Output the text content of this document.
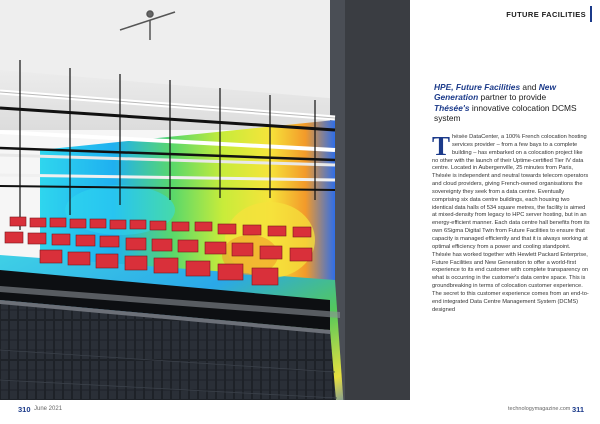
310 June 2021
FUTURE FACILITIES
HPE, Future Facilities and New Generation partner to provide Thésée's innovative colocation DCMS system
Thésée DataCenter, a 100% French colocation hosting services provider – from a few bays to a complete building – has embarked on a colocation project like no other with the launch of their Uptime-certified Tier IV data centre. Located in Aubergenville, 25 minutes from Paris, Thésée is independent and neutral towards telecom operators and cloud providers, giving French-owned organisations the sovereignty they seek from a data centre. Eventually comprising six data centre buildings, each housing two identical data halls of 534 square metres, the facility is aimed at mixed-density from legacy to HPC server hosting, but in an energy-efficient manner. Each data centre hall benefits from its own 6Sigma Digital Twin from Future Facilities to ensure that capacity is managed efficiently and that it is always working at optimal efficiency from a power and cooling standpoint. Thésée has worked together with Hewlett Packard Enterprise, Future Facilities and New Generation to offer a world-first experience to its end customer with complete transparency on what is occurring in the customer's data centre space. This is groundbreaking in terms of colocation customer experience. The secret to this customer experience comes from an end-to-end integrated Data Centre Management System (DCMS) designed
technologymagazine.com 311
